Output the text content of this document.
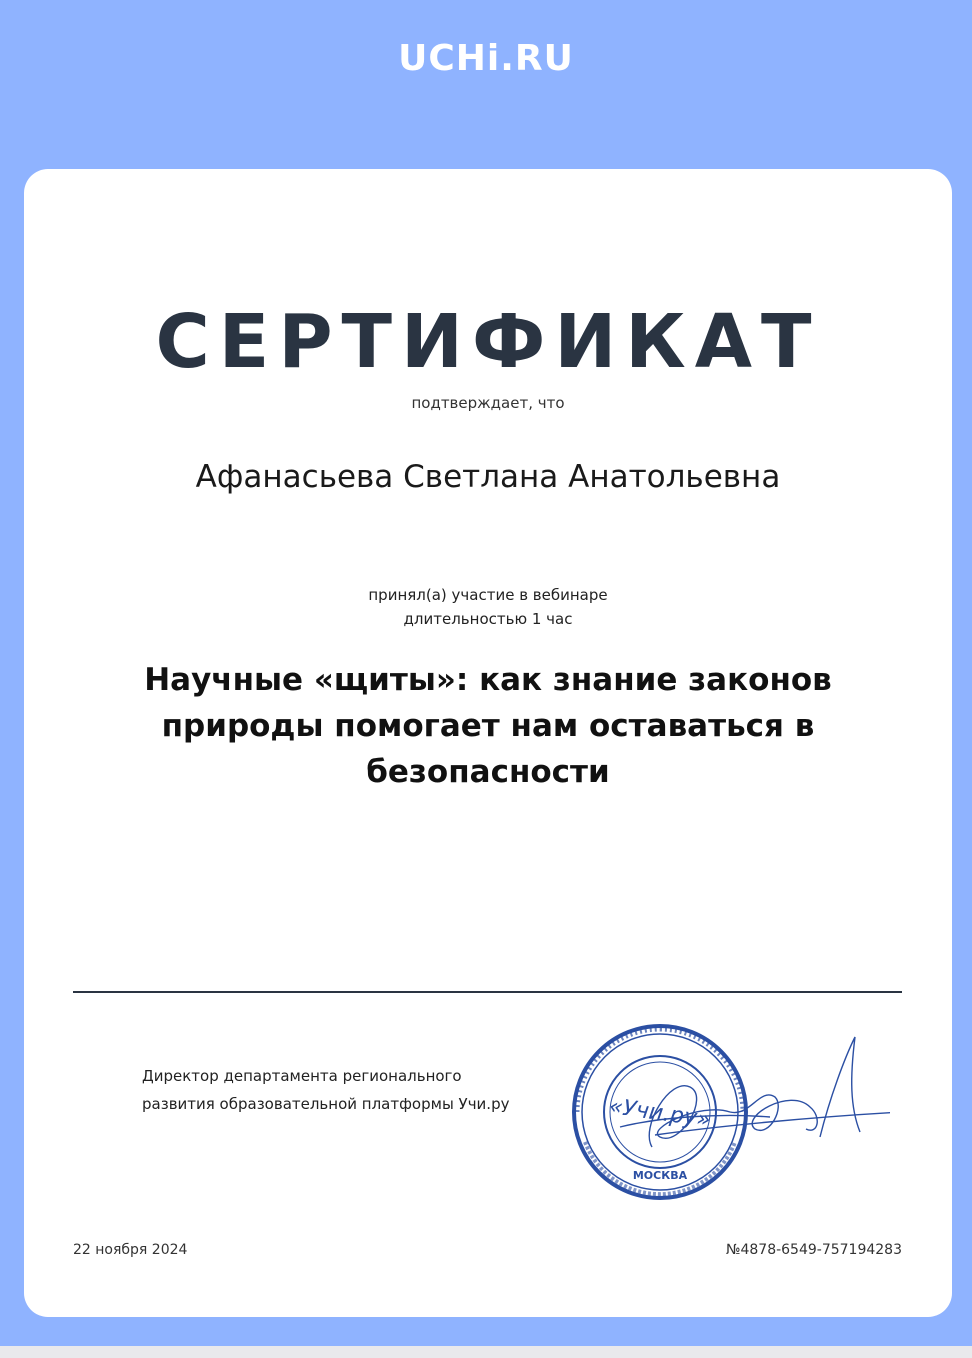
UCHi.RU
СЕРТИФИКАТ
подтверждает, что
Афанасьева Светлана Анатольевна
принял(а) участие в вебинаре
длительностью 1 час
Научные «щиты»: как знание законов природы помогает нам оставаться в безопасности
Директор департамента регионального
развития образовательной платформы Учи.ру	«Учи.ру»
МОСКВА
22 ноября 2024	№4878-6549-757194283
